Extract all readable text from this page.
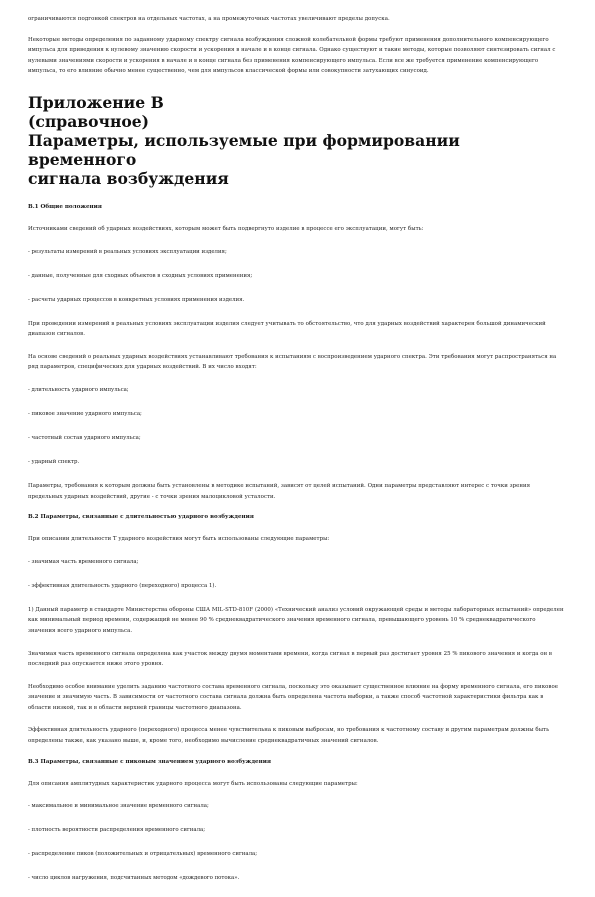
ограничиваются подгонкой спектров на отдельных частотах, а на промежуточных частотах увеличивают пределы допуска.

Некоторые методы определения по заданному ударному спектру сигнала возбуждения сложной колебательной формы требуют применения дополнительного компенсирующего импульса для приведения к нулевому значению скорости и ускорения в начале и в конце сигнала. Однако существуют и такие методы, которые позволяют синтезировать сигнал с нулевыми значениями скорости и ускорения в начале и в конце сигнала без применения компенсирующего импульса. Если все же требуется применение компенсирующего импульса, то его влияние обычно менее существенно, чем для импульсов классической формы или совокупности затухающих синусоид.

Приложение В
(справочное)
Параметры, используемые при формировании временного
сигнала возбуждения
В.1 Общие положения

Источниками сведений об ударных воздействиях, которым может быть подвергнуто изделие в процессе его эксплуатации, могут быть:

- результаты измерений в реальных условиях эксплуатации изделия;
- данные, полученные для сходных объектов в сходных условиях применения;
- расчеты ударных процессов в конкретных условиях применения изделия.

При проведении измерений в реальных условиях эксплуатации изделия следует учитывать то обстоятельство, что для ударных воздействий характерен большой динамический диапазон сигналов.

На основе сведений о реальных ударных воздействиях устанавливают требования к испытаниям с воспроизведением ударного спектра. Эти требования могут распространяться на ряд параметров, специфических для ударных воздействий. В их число входят:

- длительность ударного импульса;
- пиковое значение ударного импульса;
- частотный состав ударного импульса;
- ударный спектр.

Параметры, требования к которым должны быть установлены в методике испытаний, зависят от целей испытаний. Одни параметры представляют интерес с точки зрения предельных ударных воздействий, другие - с точки зрения малоцикловой усталости.

В.2 Параметры, связанные с длительностью ударного возбуждения

При описании длительности Т ударного воздействия могут быть использованы следующие параметры:

- значимая часть временного сигнала;
- эффективная длительность ударного (переходного) процесса 1).

1) Данный параметр в стандарте Министерства обороны США MIL-STD-810F (2000) «Технический анализ условий окружающей среды и методы лабораторных испытаний» определен как минимальный период времени, содержащий не менее 90 % среднеквадратического значения временного сигнала, превышающего уровень 10 % среднеквадратического значения всего ударного импульса.

Значимая часть временного сигнала определена как участок между двумя моментами времени, когда сигнал в первый раз достигает уровня 25 % пикового значения и когда он в последний раз опускается ниже этого уровня.

Необходимо особое внимание уделить заданию частотного состава временного сигнала, поскольку это оказывает существенное влияние на форму временного сигнала, его пиковое значение и значимую часть. В зависимости от частотного состава сигнала должна быть определена частота выборки, а также способ частотной характеристики фильтра как в области низкой, так и в области верхней границы частотного диапазона.

Эффективная длительность ударного (переходного) процесса менее чувствительна к пиковым выбросам, но требования к частотному составу и другим параметрам должны быть определены также, как указано выше, и, кроме того, необходимо вычисление среднеквадратичных значений сигналов.

В.3 Параметры, связанные с пиковым значением ударного возбуждения

Для описания амплитудных характеристик ударного процесса могут быть использованы следующие параметры:

- максимальное и минимальное значение временного сигнала;
- плотность вероятности распределения временного сигнала;
- распределение пиков (положительных и отрицательных) временного сигнала;
- число циклов нагружения, подсчитанных методом «дождевого потока».
